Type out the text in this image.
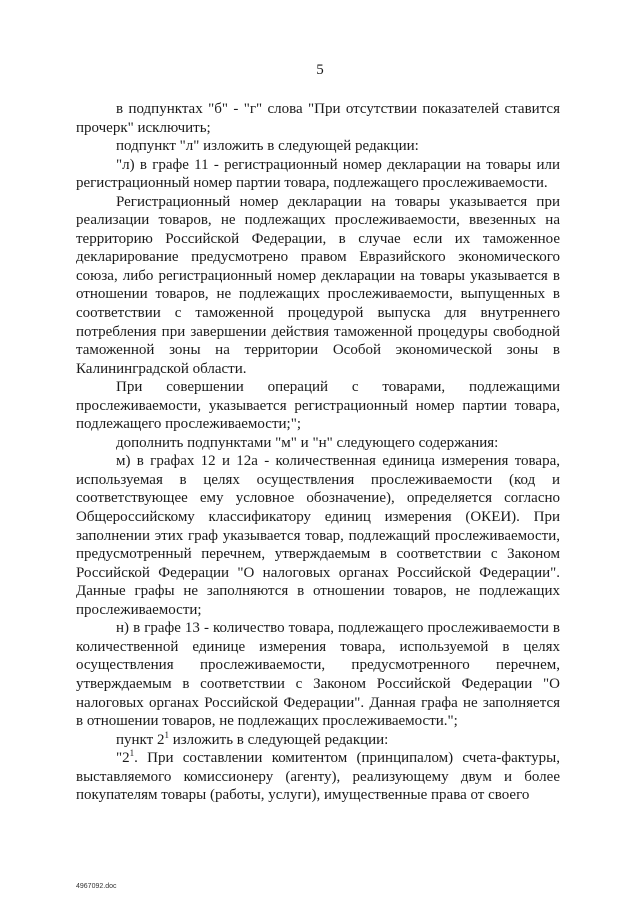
5

в подпунктах "б" - "г" слова "При отсутствии показателей ставится прочерк" исключить;

подпункт "л" изложить в следующей редакции:

"л) в графе 11 - регистрационный номер декларации на товары или регистрационный номер партии товара, подлежащего прослеживаемости.

Регистрационный номер декларации на товары указывается при реализации товаров, не подлежащих прослеживаемости, ввезенных на территорию Российской Федерации, в случае если их таможенное декларирование предусмотрено правом Евразийского экономического союза, либо регистрационный номер декларации на товары указывается в отношении товаров, не подлежащих прослеживаемости, выпущенных в соответствии с таможенной процедурой выпуска для внутреннего потребления при завершении действия таможенной процедуры свободной таможенной зоны на территории Особой экономической зоны в Калининградской области.

При совершении операций с товарами, подлежащими прослеживаемости, указывается регистрационный номер партии товара, подлежащего прослеживаемости;";

дополнить подпунктами "м" и "н" следующего содержания:

м) в графах 12 и 12а - количественная единица измерения товара, используемая в целях осуществления прослеживаемости (код и соответствующее ему условное обозначение), определяется согласно Общероссийскому классификатору единиц измерения (ОКЕИ). При заполнении этих граф указывается товар, подлежащий прослеживаемости, предусмотренный перечнем, утверждаемым в соответствии с Законом Российской Федерации "О налоговых органах Российской Федерации". Данные графы не заполняются в отношении товаров, не подлежащих прослеживаемости;

н) в графе 13 - количество товара, подлежащего прослеживаемости в количественной единице измерения товара, используемой в целях осуществления прослеживаемости, предусмотренного перечнем, утверждаемым в соответствии с Законом Российской Федерации "О налоговых органах Российской Федерации". Данная графа не заполняется в отношении товаров, не подлежащих прослеживаемости.";

пункт $2^1$ изложить в следующей редакции:

"$2^1$. При составлении комитентом (принципалом) счета-фактуры, выставляемого комиссионеру (агенту), реализующему двум и более покупателям товары (работы, услуги), имущественные права от своего

4967092.doc
